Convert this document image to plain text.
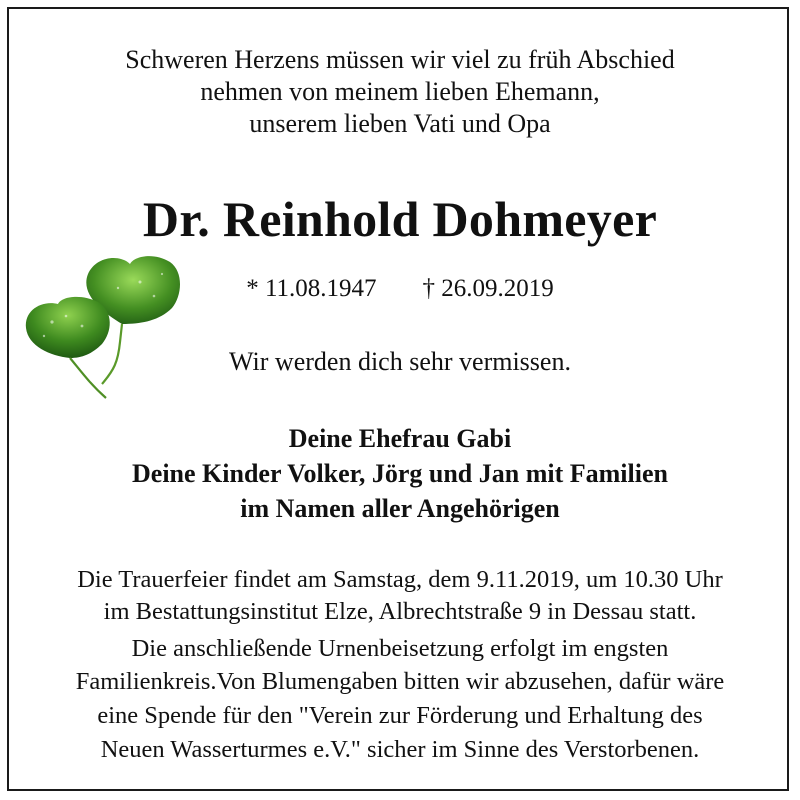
Schweren Herzens müssen wir viel zu früh Abschied
nehmen von meinem lieben Ehemann,
unserem lieben Vati und Opa
Dr. Reinhold Dohmeyer
* 11.08.1947 † 26.09.2019
Wir werden dich sehr vermissen.
Deine Ehefrau Gabi
Deine Kinder Volker, Jörg und Jan mit Familien
im Namen aller Angehörigen
Die Trauerfeier findet am Samstag, dem 9.11.2019, um 10.30 Uhr
im Bestattungsinstitut Elze, Albrechtstraße 9 in Dessau statt.
Die anschließende Urnenbeisetzung erfolgt im engsten
Familienkreis.Von Blumengaben bitten wir abzusehen, dafür wäre
eine Spende für den "Verein zur Förderung und Erhaltung des
Neuen Wasserturmes e.V." sicher im Sinne des Verstorbenen.
